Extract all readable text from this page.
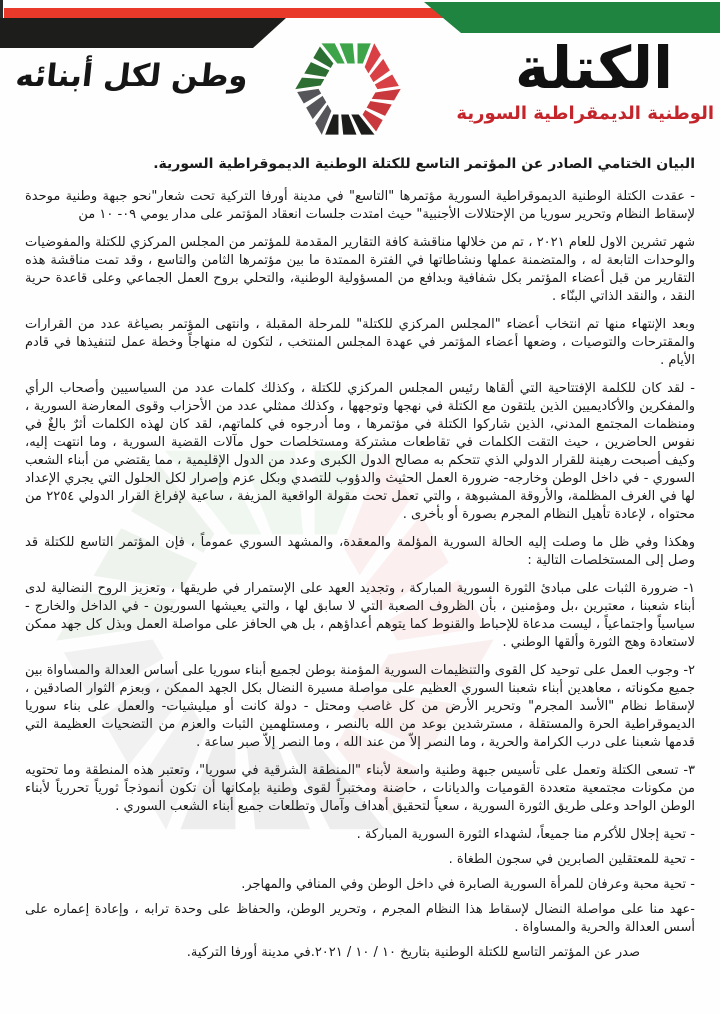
وطن لكل أبنائه	الكتلة
الوطنية الديمقراطية السورية
البيان الختامي الصادر عن المؤتمر التاسع للكتلة الوطنية الديموقراطية السورية.

- عقدت الكتلة الوطنية الديموقراطية السورية مؤتمرها "التاسع" في مدينة أورفا التركية تحت شعار"نحو جبهة وطنية موحدة لإسقاط النظام وتحرير سوريا من الإحتلالات الأجنبية" حيث امتدت جلسات انعقاد المؤتمر على مدار يومي ٠٩- ١٠ من

شهر تشرين الاول للعام ٢٠٢١ ، تم من خلالها مناقشة كافة التقارير المقدمة للمؤتمر من المجلس المركزي للكتلة والمفوضيات والوحدات التابعة له ، والمتضمنة عملها ونشاطاتها في الفترة الممتدة ما بين مؤتمرها الثامن والتاسع ، وقد تمت مناقشة هذه التقارير من قبل أعضاء المؤتمر بكل شفافية وبدافع من المسؤولية الوطنية، والتحلي بروح العمل الجماعي وعلى قاعدة حرية النقد ، والنقد الذاتي البنّاء .

وبعد الإنتهاء منها تم انتخاب أعضاء "المجلس المركزي للكتلة" للمرحلة المقبلة ، وانتهى المؤتمر بصياغة عدد من القرارات والمقترحات والتوصيات ، وضعها أعضاء المؤتمر في عهدة المجلس المنتخب ، لتكون له منهاجاً وخطة عمل لتنفيذها في قادم الأيام .

- لقد كان للكلمة الإفتتاحية التي ألقاها رئيس المجلس المركزي للكتلة ، وكذلك كلمات عدد من السياسيين وأصحاب الرأي والمفكرين والأكاديميين الذين يلتقون مع الكتلة في نهجها وتوجهها ، وكذلك ممثلي عدد من الأحزاب وقوى المعارضة السورية ، ومنظمات المجتمع المدني، الذين شاركوا الكتلة في مؤتمرها ، وما أدرجوه في كلماتهم، لقد كان لهذه الكلمات أثرٌ بالغٌ في نفوس الحاضرين ، حيث التقت الكلمات في تقاطعات مشتركة ومستخلصات حول مآلات القضية السورية ، وما انتهت إليه، وكيف أصبحت رهينة للقرار الدولي الذي تتحكم به مصالح الدول الكبرى وعدد من الدول الإقليمية ، مما يقتضي من أبناء الشعب السوري - في داخل الوطن وخارجه- ضرورة العمل الحثيث والدؤوب للتصدي وبكل عزم وإصرار لكل الحلول التي يجري الإعداد لها في الغرف المظلمة، والأروقة المشبوهة ، والتي تعمل تحت مقولة الواقعية المزيفة ، ساعية لإفراغ القرار الدولي ٢٢٥٤ من محتواه ، لإعادة تأهيل النظام المجرم بصورة أو بأخرى .

وهكذا وفي ظل ما وصلت إليه الحالة السورية المؤلمة والمعقدة، والمشهد السوري عموماً ، فإن المؤتمر التاسع للكتلة قد وصل إلى المستخلصات التالية :

١- ضرورة الثبات على مبادئ الثورة السورية المباركة ، وتجديد العهد على الإستمرار في طريقها ، وتعزيز الروح النضالية لدى أبناء شعبنا ، معتبرين ،بل ومؤمنين ، بأن الظروف الصعبة التي لا سابق لها ، والتي يعيشها السوريون - في الداخل والخارج - سياسياً واجتماعياً ، ليست مدعاة للإحباط والقنوط كما يتوهم أعداؤهم ، بل هي الحافز على مواصلة العمل وبذل كل جهد ممكن لاستعادة وهج الثورة وألقها الوطني .

٢- وجوب العمل على توحيد كل القوى والتنظيمات السورية المؤمنة بوطن لجميع أبناء سوريا على أساس العدالة والمساواة بين جميع مكوناته ، معاهدين أبناء شعبنا السوري العظيم على مواصلة مسيرة النضال بكل الجهد الممكن ، وبعزم الثوار الصادقين ، لإسقاط نظام "الأسد المجرم" وتحرير الأرض من كل غاصب ومحتل - دولة كانت أو ميليشيات- والعمل على بناء سوريا الديموقراطية الحرة والمستقلة ، مسترشدين بوعد من الله بالنصر ، ومستلهمين الثبات والعزم من التضحيات العظيمة التي قدمها شعبنا على درب الكرامة والحرية ، وما النصر إلاّ من عند الله ، وما النصر إلاّ صبر ساعة .

٣- تسعى الكتلة وتعمل على تأسيس جبهة وطنية واسعة لأبناء "المنطقة الشرقية في سوريا"، وتعتبر هذه المنطقة وما تحتويه من مكونات مجتمعية متعددة القوميات والديانات ، حاضنة ومختبراً لقوى وطنية بإمكانها أن تكون أنموذجاً ثورياً تحررياً لأبناء الوطن الواحد وعلى طريق الثورة السورية ، سعياً لتحقيق أهداف وآمال وتطلعات جميع أبناء الشعب السوري .

- تحية إجلال للأكرم منا جميعاً، لشهداء الثورة السورية المباركة .

- تحية للمعتقلين الصابرين في سجون الطغاة .

- تحية محبة وعرفان للمرأة السورية الصابرة في داخل الوطن وفي المنافي والمهاجر.

-عهد منا على مواصلة النضال لإسقاط هذا النظام المجرم ، وتحرير الوطن، والحفاظ على وحدة ترابه ، وإعادة إعماره على أسس العدالة والحرية والمساواة .

صدر عن المؤتمر التاسع للكتلة الوطنية بتاريخ ١٠ / ١٠ / ٢٠٢١.في مدينة أورفا التركية.
